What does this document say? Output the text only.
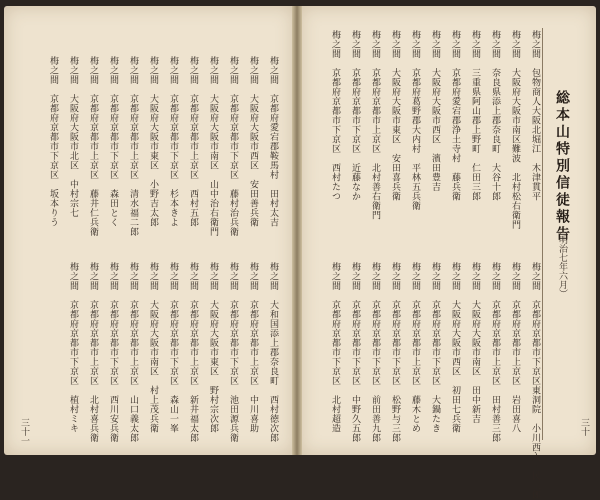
総本山特別信徒報告
（明治七年六月）
梅之間　包物商人大阪北堀江　木津貫平
梅之間　大阪府大阪市南区難波　北村松右衛門
梅之間　奈良県添上郡奈良町　大谷十郎
梅之間　三重県阿山郡上野町　仁田三郎
梅之間　京都府愛宕郡浄土寺村　藤兵衛
梅之間　大阪府大阪市西区　濱田豊吉
梅之間　京都府葛野郡大内村　平林五兵衛
梅之間　大阪府大阪市東区　安田喜兵衛
梅之間　京都府京都市上京区　北村善右衛門
梅之間　京都府京都市下京区　近藤なか
梅之間　京都府京都市下京区　西村たつ
梅之間　京都府京都市下京区東洞院　小川西入　民三郎
梅之間　京都府京都市上京区　岩田喜八
梅之間　京都府京都市上京区　田村善三郎
梅之間　大阪府大阪市南区　田中新吉
梅之間　大阪府大阪市西区　初田七兵衛
梅之間　京都府京都市下京区　大鍋たき
梅之間　京都府京都市上京区　藤木とめ
梅之間　京都府京都市下京区　松野与三郎
梅之間　京都府京都市下京区　前田善九郎
梅之間　京都府京都市下京区　中野久五郎
梅之間　京都府京都市下京区　北村超造	三十
梅之間　京都府愛宕郡鞍馬村　田村太吉
梅之間　大阪府大阪市西区　安田善兵衛
梅之間　京都府京都市下京区　藤村治兵衛
梅之間　大阪府大阪市南区　山中治右衛門
梅之間　京都府京都市上京区　西村五郎
梅之間　京都府京都市下京区　杉本きよ
梅之間　大阪府大阪市東区　小野吉太郎
梅之間　京都府京都市上京区　清水福二郎
梅之間　京都府京都市下京区　森田とく
梅之間　京都府京都市上京区　藤井仁兵衛
梅之間　大阪府大阪市北区　中村宗七
梅之間　京都府京都市下京区　坂本りう
梅之間　大和国添上郡奈良町　西村徳次郎
梅之間　京都府京都市上京区　中川喜助
梅之間　京都府京都市下京区　池田源兵衛
梅之間　大阪府大阪市東区　野村宗次郎
梅之間　京都府京都市上京区　新井福太郎
梅之間　京都府京都市下京区　森山一峯
梅之間　大阪府大阪市南区　村上茂兵衛
梅之間　京都府京都市上京区　山口義太郎
梅之間　京都府京都市下京区　西川安兵衛
梅之間　京都府京都市上京区　北村喜兵衛
梅之間　京都府京都市下京区　植村ミキ
三十一
